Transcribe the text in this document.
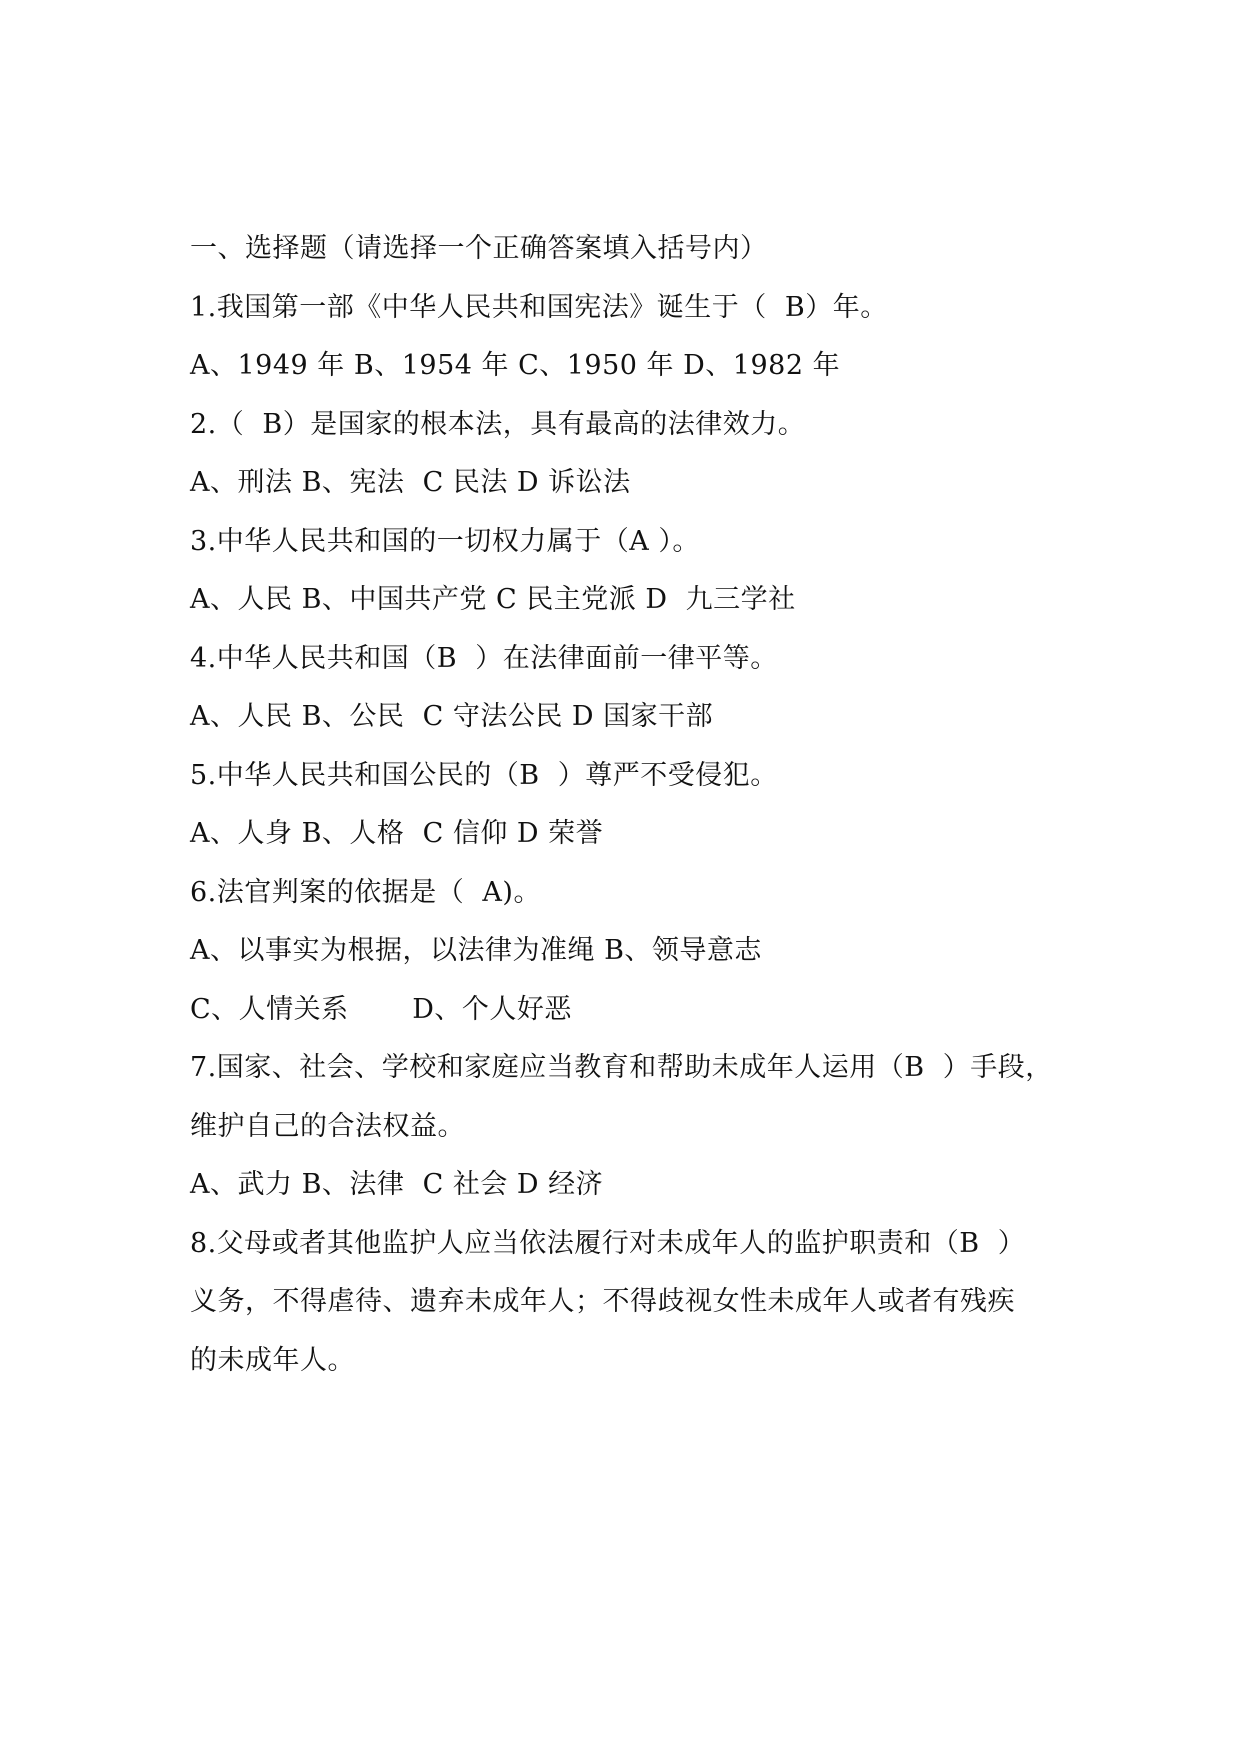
一、选择题（请选择一个正确答案填入括号内）
1.我国第一部《中华人民共和国宪法》诞生于（  B）年。
A、1949 年 B、1954 年 C、1950 年 D、1982 年
2.（  B）是国家的根本法，具有最高的法律效力。
A、刑法 B、宪法  C 民法 D 诉讼法
3.中华人民共和国的一切权力属于（A ）。
A、人民 B、中国共产党 C 民主党派 D  九三学社
4.中华人民共和国（B  ）在法律面前一律平等。
A、人民 B、公民  C 守法公民 D 国家干部
5.中华人民共和国公民的（B  ）尊严不受侵犯。
A、人身 B、人格  C 信仰 D 荣誉
6.法官判案的依据是（  A)。
A、以事实为根据，以法律为准绳 B、领导意志
C、人情关系       D、个人好恶
7.国家、社会、学校和家庭应当教育和帮助未成年人运用（B  ）手段，
维护自己的合法权益。
A、武力 B、法律  C 社会 D 经济
8.父母或者其他监护人应当依法履行对未成年人的监护职责和（B  ）
义务，不得虐待、遗弃未成年人；不得歧视女性未成年人或者有残疾
的未成年人。
